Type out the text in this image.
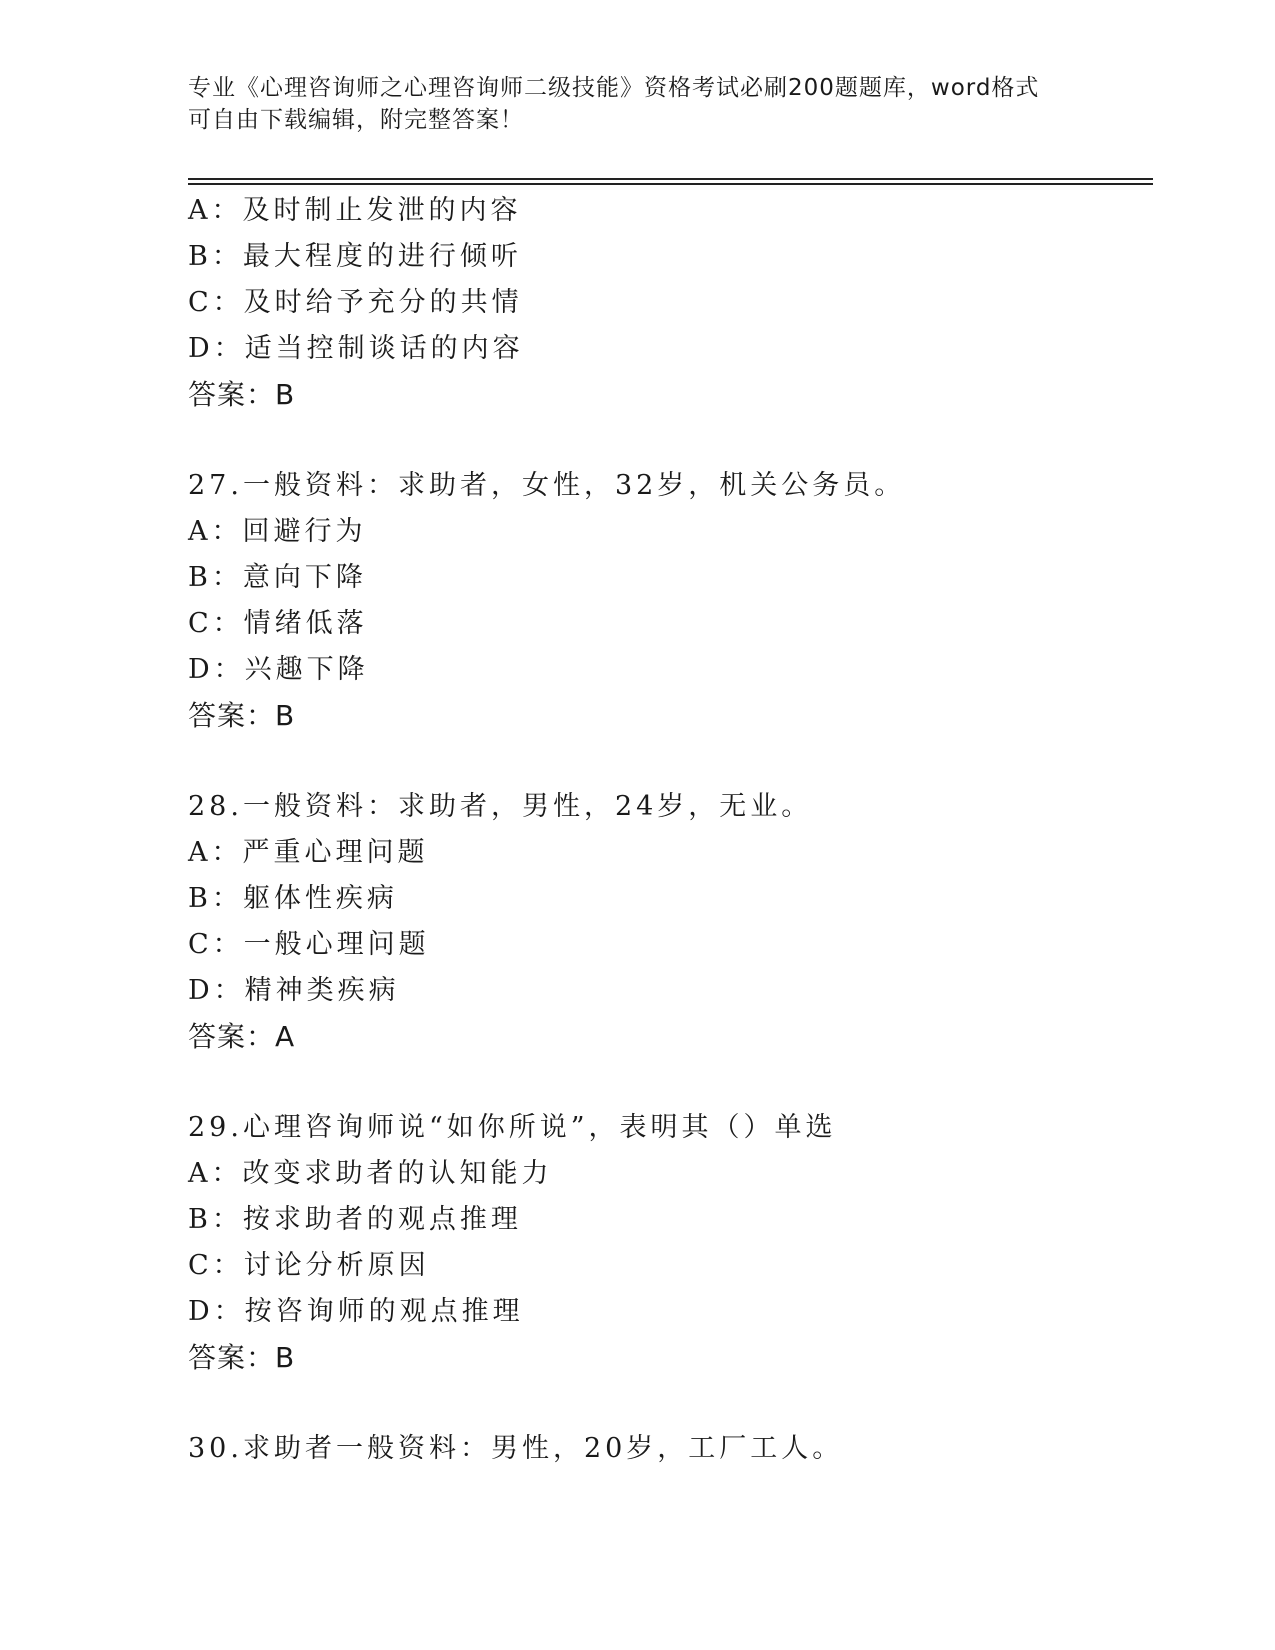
专业《心理咨询师之心理咨询师二级技能》资格考试必刷200题题库，word格式
可自由下载编辑，附完整答案！
A：及时制止发泄的内容
B：最大程度的进行倾听
C：及时给予充分的共情
D：适当控制谈话的内容
答案：B
27.一般资料：求助者，女性，32岁，机关公务员。
A：回避行为
B：意向下降
C：情绪低落
D：兴趣下降
答案：B
28.一般资料：求助者，男性，24岁，无业。
A：严重心理问题
B：躯体性疾病
C：一般心理问题
D：精神类疾病
答案：A
29.心理咨询师说“如你所说”，表明其（）单选
A：改变求助者的认知能力
B：按求助者的观点推理
C：讨论分析原因
D：按咨询师的观点推理
答案：B
30.求助者一般资料：男性，20岁，工厂工人。
